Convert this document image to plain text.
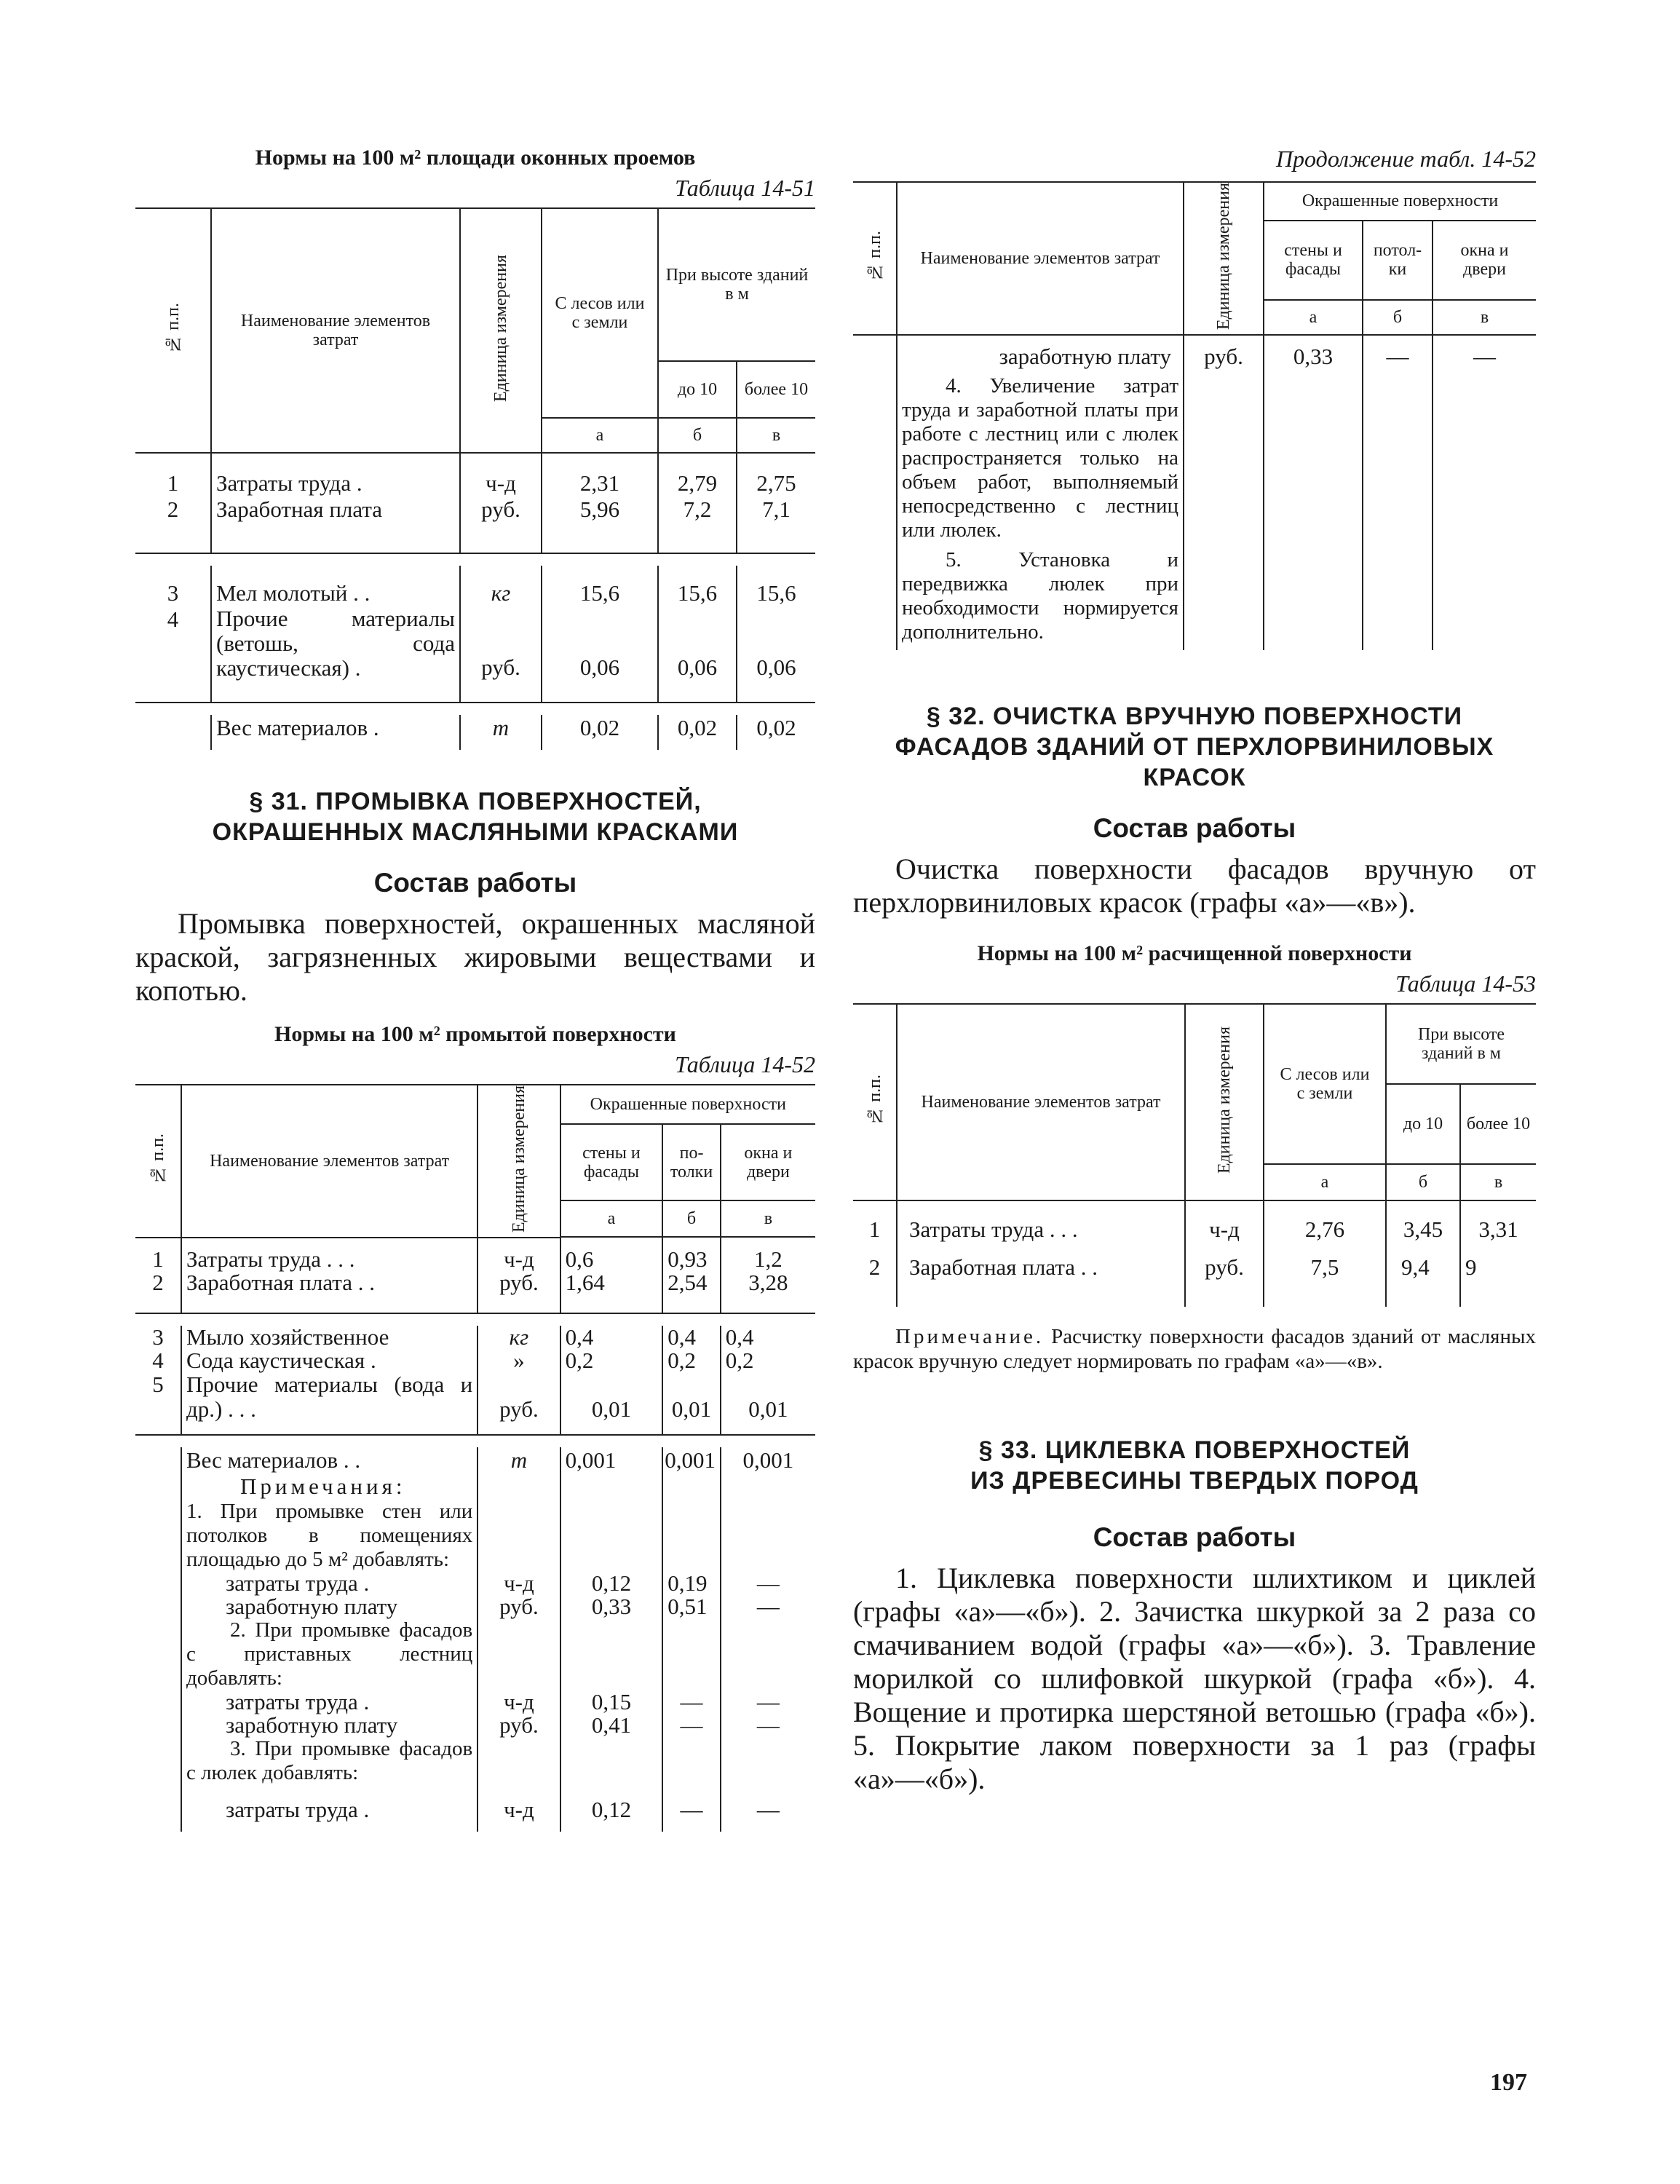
Нормы на 100 м² площади оконных проемов
Таблица 14-51
№ п.п.	Наименование элементов затрат	Единица измерения	С лесов или с земли	При высоте зданий в м	
				до 10	более 10
			а	б	в

1	Затраты труда .	ч-д	2,31	2,79	2,75
2	Заработная плата	руб.	5,96	7,2	7,1

3	Мел молотый . .	кг	15,6	15,6	15,6
4	Прочие материалы (ветошь, сода каустическая) .	руб.	0,06	0,06	0,06

	Вес материалов .	т	0,02	0,02	0,02

§ 31. ПРОМЫВКА ПОВЕРХНОСТЕЙ,
ОКРАШЕННЫХ МАСЛЯНЫМИ КРАСКАМИ
Состав работы
Промывка поверхностей, окрашенных масляной краской, загрязненных жировыми веществами и копотью.
Нормы на 100 м² промытой поверхности
Таблица 14-52
№ п.п.	Наименование элементов затрат	Единица измерения	Окрашенные поверхности		
			стены и фасады	потолки	окна и двери
			а	б	в

1	Затраты труда . . .	ч-д	0,6	0,93	1,2
2	Заработная плата . .	руб.	1,64	2,54	3,28

3	Мыло хозяйственное	кг	0,4	0,4	0,4
4	Сода каустическая .	»	0,2	0,2	0,2
5	Прочие материалы (вода и др.) . . .	руб.	0,01	0,01	0,01

	Вес материалов . .	т	0,001	0,001	0,001
	Примечания:				
	1. При промывке стен или потолков в помещениях площадью до 5 м² добавлять:				
	затраты труда .	ч-д	0,12	0,19	—
	заработную плату	руб.	0,33	0,51	—
	2. При промывке фасадов с приставных лестниц добавлять:				
	затраты труда .	ч-д	0,15	—	—
	заработную плату	руб.	0,41	—	—
	3. При промывке фасадов с люлек добавлять:				

	затраты труда .	ч-д	0,12	—	—

Продолжение табл. 14-52
№ п.п.	Наименование элементов затрат	Единица измерения	Окрашенные поверхности		
			стены и фасады	потолки	окна и двери
			а	б	в

	заработную плату	руб.	0,33	—	—
	4. Увеличение затрат труда и заработной платы при работе с лестниц или с люлек распространяется только на объем работ, выполняемый непосредственно с лестниц или люлек.				
	5. Установка и передвижка люлек при необходимости нормируется дополнительно.				

§ 32. ОЧИСТКА ВРУЧНУЮ ПОВЕРХНОСТИ
ФАСАДОВ ЗДАНИЙ ОТ ПЕРХЛОРВИНИЛОВЫХ
КРАСОК
Состав работы
Очистка поверхности фасадов вручную от перхлорвиниловых красок (графы «а»—«в»).
Нормы на 100 м² расчищенной поверхности
Таблица 14-53
№ п.п.	Наименование элементов затрат	Единица измерения	С лесов или с земли	При высоте зданий в м	
				до 10	более 10
			а	б	в

1	Затраты труда . . .	ч-д	2,76	3,45	3,31
2	Заработная плата . .	руб.	7,5	9,4	9

Примечание. Расчистку поверхности фасадов зданий от масляных красок вручную следует нормировать по графам «а»—«в».
§ 33. ЦИКЛЕВКА ПОВЕРХНОСТЕЙ
ИЗ ДРЕВЕСИНЫ ТВЕРДЫХ ПОРОД
Состав работы
1. Циклевка поверхности шлихтиком и циклей (графы «а»—«б»). 2. Зачистка шкуркой за 2 раза со смачиванием водой (графы «а»—«б»). 3. Травление морилкой со шлифовкой шкуркой (графа «б»). 4. Вощение и протирка шерстяной ветошью (графа «б»). 5. Покрытие лаком поверхности за 1 раз (графы «а»—«б»).
197
